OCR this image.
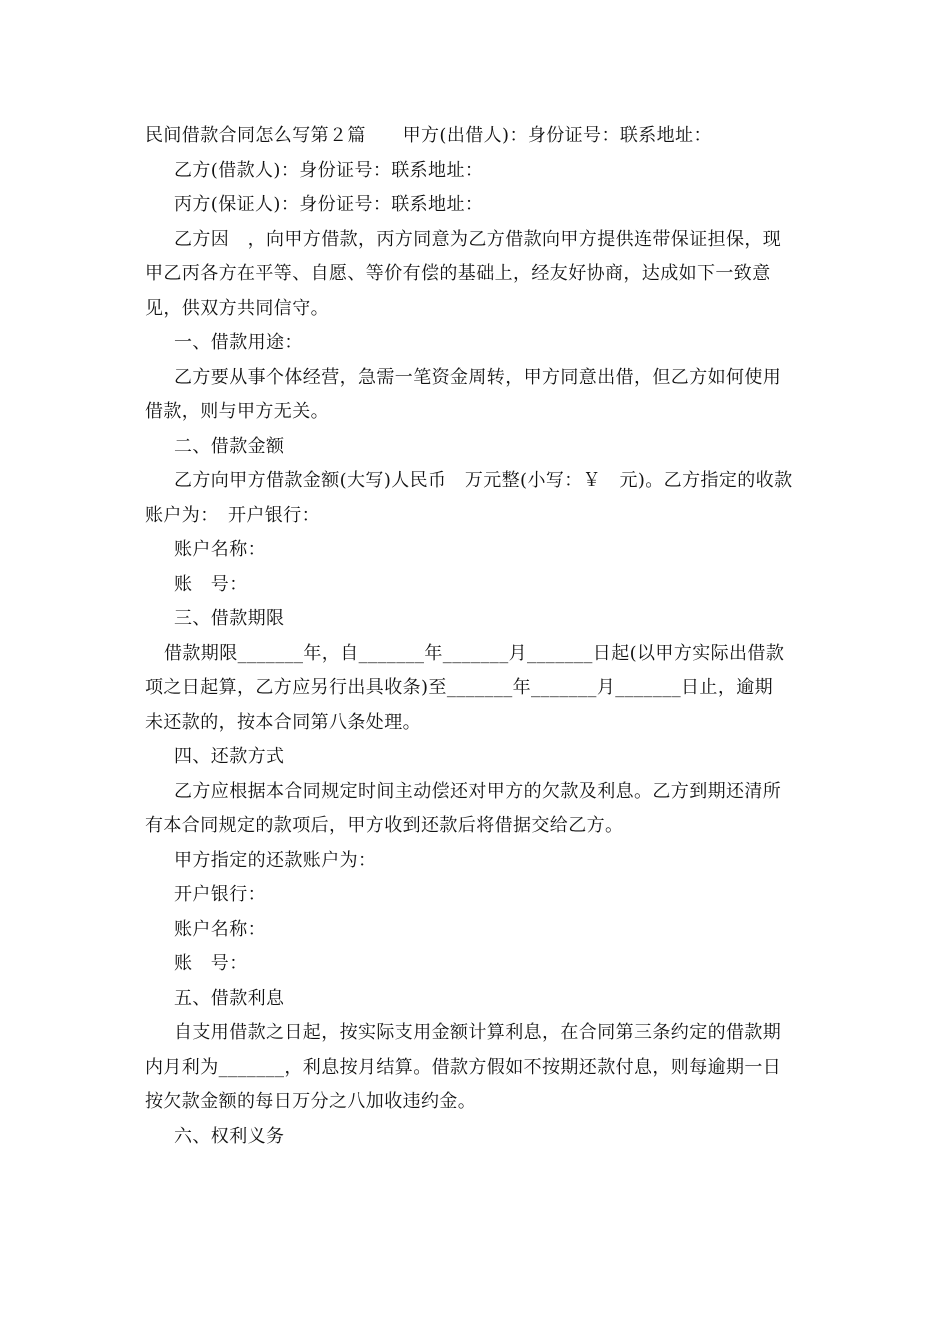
民间借款合同怎么写第２篇　　甲方(出借人)：身份证号：联系地址：
乙方(借款人)：身份证号：联系地址：
丙方(保证人)：身份证号：联系地址：
乙方因　，向甲方借款，丙方同意为乙方借款向甲方提供连带保证担保，现
甲乙丙各方在平等、自愿、等价有偿的基础上，经友好协商，达成如下一致意
见，供双方共同信守。
一、借款用途：
乙方要从事个体经营，急需一笔资金周转，甲方同意出借，但乙方如何使用
借款，则与甲方无关。
二、借款金额
乙方向甲方借款金额(大写)人民币　万元整(小写：￥　元)。乙方指定的收款
账户为：　开户银行：
账户名称：
账　号：
三、借款期限
借款期限_______年，自_______年_______月_______日起(以甲方实际出借款
项之日起算，乙方应另行出具收条)至_______年_______月_______日止，逾期
未还款的，按本合同第八条处理。
四、还款方式
乙方应根据本合同规定时间主动偿还对甲方的欠款及利息。乙方到期还清所
有本合同规定的款项后，甲方收到还款后将借据交给乙方。
甲方指定的还款账户为：
开户银行：
账户名称：
账　号：
五、借款利息
自支用借款之日起，按实际支用金额计算利息，在合同第三条约定的借款期
内月利为_______，利息按月结算。借款方假如不按期还款付息，则每逾期一日
按欠款金额的每日万分之八加收违约金。
六、权利义务
